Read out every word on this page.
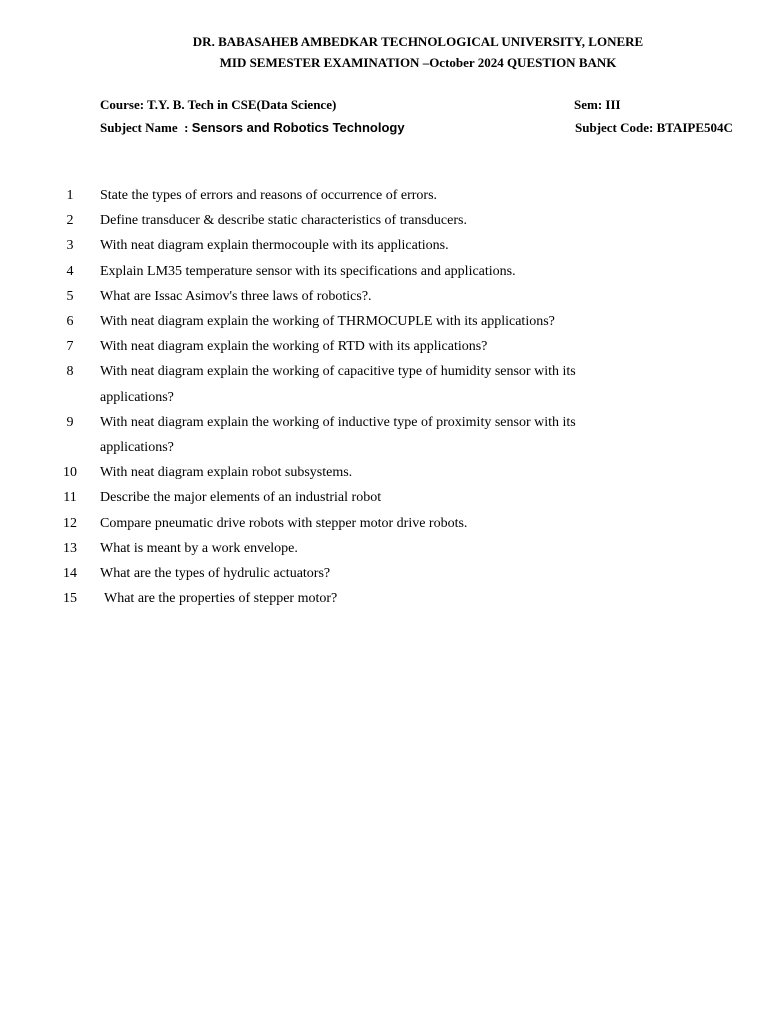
DR. BABASAHEB AMBEDKAR TECHNOLOGICAL UNIVERSITY, LONERE
MID SEMESTER EXAMINATION –October 2024 QUESTION BANK
Course: T.Y. B. Tech in CSE(Data Science)	Sem: III
Subject Name  : Sensors and Robotics Technology	Subject Code: BTAIPE504C
1	State the types of errors and reasons of occurrence of errors.
2	Define transducer & describe static characteristics of transducers.
3	With neat diagram explain thermocouple with its applications.
4	Explain LM35 temperature sensor with its specifications and applications.
5	What are Issac Asimov's three laws of robotics?.
6	With neat diagram explain the working of THRMOCUPLE with its applications?
7	With neat diagram explain the working of RTD with its applications?
8	With neat diagram explain the working of capacitive type of humidity sensor with its applications?
9	With neat diagram explain the working of inductive type of proximity sensor with its applications?
10	With neat diagram explain robot subsystems.
11	Describe the major elements of an industrial robot
12	Compare pneumatic drive robots with stepper motor drive robots.
13	What is meant by a work envelope.
14	What are the types of hydrulic actuators?
15	What are the properties of stepper motor?
